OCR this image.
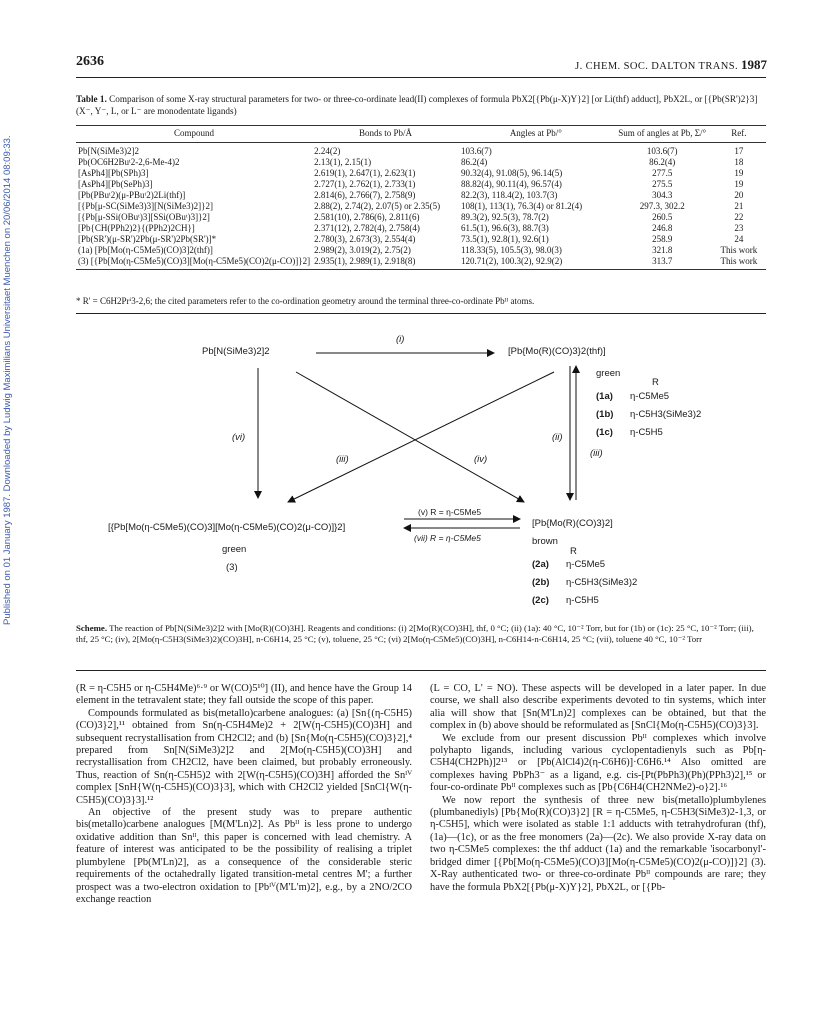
2636	J. CHEM. SOC. DALTON TRANS. 1987
Published on 01 January 1987. Downloaded by Ludwig Maximilians Universitaet Muenchen on 20/06/2014 08:09:33.
Table 1. Comparison of some X-ray structural parameters for two- or three-co-ordinate lead(II) complexes of formula PbX2[{Pb(μ-X)Y}2] [or Li(thf) adduct], PbX2L, or [{Pb(SR')2}3] (X⁻, Y⁻, L, or L⁻ are monodentate ligands)
Compound	Bonds to Pb/Å	Angles at Pb/°	Sum of angles at Pb, Σ/°	Ref.
Pb[N(SiMe3)2]2	2.24(2)	103.6(7)	103.6(7)	17
Pb(OC6H2Buᵗ2-2,6-Me-4)2	2.13(1), 2.15(1)	86.2(4)	86.2(4)	18
[AsPh4][Pb(SPh)3]	2.619(1), 2.647(1), 2.623(1)	90.32(4), 91.08(5), 96.14(5)	277.5	19
[AsPh4][Pb(SePh)3]	2.727(1), 2.762(1), 2.733(1)	88.82(4), 90.11(4), 96.57(4)	275.5	19
[Pb(PBuᵗ2)(μ-PBuᵗ2)2Li(thf)]	2.814(6), 2.766(7), 2.758(9)	82.2(3), 118.4(2), 103.7(3)	304.3	20
[{Pb[μ-SC(SiMe3)3][N(SiMe3)2]}2]	2.88(2), 2.74(2), 2.07(5) or 2.35(5)	108(1), 113(1), 76.3(4) or 81.2(4)	297.3, 302.2	21
[{Pb[μ-SSi(OBuᵗ)3][SSi(OBuᵗ)3]}2]	2.581(10), 2.786(6), 2.811(6)	89.3(2), 92.5(3), 78.7(2)	260.5	22
[Pb{CH(PPh2)2}{(PPh2)2CH}]	2.371(12), 2.782(4), 2.758(4)	61.5(1), 96.6(3), 88.7(3)	246.8	23
[Pb(SR')(μ-SR')2Pb(μ-SR')2Pb(SR')]*	2.780(3), 2.673(3), 2.554(4)	73.5(1), 92.8(1), 92.6(1)	258.9	24
(1a) [Pb[Mo(η-C5Me5)(CO)3]2(thf)]	2.989(2), 3.019(2), 2.75(2)	118.33(5), 105.5(3), 98.0(3)	321.8	This work
(3) [{Pb[Mo(η-C5Me5)(CO)3][Mo(η-C5Me5)(CO)2(μ-CO)]}2]	2.935(1), 2.989(1), 2.918(8)	120.71(2), 100.3(2), 92.9(2)	313.7	This work
* R' = C6H2Prⁱ3-2,6; the cited parameters refer to the co-ordination geometry around the terminal three-co-ordinate Pbᴵᴵ atoms.
Pb[N(SiMe3)2]2
(i)
[Pb{Mo(R)(CO)3}2(thf)]
green
R
(1a) η-C5Me5
(1b) η-C5H3(SiMe3)2
(1c) η-C5H5
(vi)
(iii)	(iv)
(ii)
(iii)
[{Pb[Mo(η-C5Me5)(CO)3][Mo(η-C5Me5)(CO)2(μ-CO)]}2]
green
(3)
(v) R = η-C5Me5
(vii) R = η-C5Me5
[Pb{Mo(R)(CO)3}2]
brown
R
(2a) η-C5Me5
(2b) η-C5H3(SiMe3)2
(2c) η-C5H5
Scheme. The reaction of Pb[N(SiMe3)2]2 with [Mo(R)(CO)3H]. Reagents and conditions: (i) 2[Mo(R)(CO)3H], thf, 0 °C; (ii) (1a): 40 °C, 10⁻² Torr, but for (1b) or (1c): 25 °C, 10⁻² Torr; (iii), thf, 25 °C; (iv), 2[Mo(η-C5H3(SiMe3)2)(CO)3H], n-C6H14, 25 °C; (v), toluene, 25 °C; (vi) 2[Mo(η-C5Me5)(CO)3H], n-C6H14-n-C6H14, 25 °C; (vii), toluene 40 °C, 10⁻² Torr

(R = η-C5H5 or η-C5H4Me)⁶·⁹ or W(CO)5¹⁰] (II), and hence have the Group 14 element in the tetravalent state; they fall outside the scope of this paper.

Compounds formulated as bis(metallo)carbene analogues: (a) [Sn{(η-C5H5)(CO)3}2],¹¹ obtained from Sn(η-C5H4Me)2 + 2[W(η-C5H5)(CO)3H] and subsequent recrystallisation from CH2Cl2; and (b) [Sn{Mo(η-C5H5)(CO)3}2],⁴ prepared from Sn[N(SiMe3)2]2 and 2[Mo(η-C5H5)(CO)3H] and recrystallisation from CH2Cl2, have been claimed, but probably erroneously. Thus, reaction of Sn(η-C5H5)2 with 2[W(η-C5H5)(CO)3H] afforded the Snᴵⱽ complex [SnH{W(η-C5H5)(CO)3}3], which with CH2Cl2 yielded [SnCl{W(η-C5H5)(CO)3}3].¹²

An objective of the present study was to prepare authentic bis(metallo)carbene analogues [M(M'Ln)2]. As Pbᴵᴵ is less prone to undergo oxidative addition than Snᴵᴵ, this paper is concerned with lead chemistry. A feature of interest was anticipated to be the possibility of realising a triplet plumbylene [Pb(M'Ln)2], as a consequence of the considerable steric requirements of the octahedrally ligated transition-metal centres M'; a further prospect was a two-electron oxidation to [Pbᴵⱽ(M'L'm)2], e.g., by a 2NO/2CO exchange reaction

(L = CO, L' = NO). These aspects will be developed in a later paper. In due course, we shall also describe experiments devoted to tin systems, which inter alia will show that [Sn(M'Ln)2] complexes can be obtained, but that the complex in (b) above should be reformulated as [SnCl{Mo(η-C5H5)(CO)3}3].

We exclude from our present discussion Pbᴵᴵ complexes which involve polyhapto ligands, including various cyclopentadienyls such as Pb[η-C5H4(CH2Ph)]2¹³ or [Pb(AlCl4)2(η-C6H6)]·C6H6.¹⁴ Also omitted are complexes having PbPh3⁻ as a ligand, e.g. cis-[Pt(PbPh3)(Ph)(PPh3)2],¹⁵ or four-co-ordinate Pbᴵᴵ complexes such as [Pb{C6H4(CH2NMe2)-o}2].¹⁶

We now report the synthesis of three new bis(metallo)plumbylenes (plumbanediyls) [Pb{Mo(R)(CO)3}2] [R = η-C5Me5, η-C5H3(SiMe3)2-1,3, or η-C5H5], which were isolated as stable 1:1 adducts with tetrahydrofuran (thf), (1a)—(1c), or as the free monomers (2a)—(2c). We also provide X-ray data on two η-C5Me5 complexes: the thf adduct (1a) and the remarkable 'isocarbonyl'-bridged dimer [{Pb[Mo(η-C5Me5)(CO)3][Mo(η-C5Me5)(CO)2(μ-CO)]}2] (3). X-Ray authenticated two- or three-co-ordinate Pbᴵᴵ compounds are rare; they have the formula PbX2[{Pb(μ-X)Y}2], PbX2L, or [{Pb-
